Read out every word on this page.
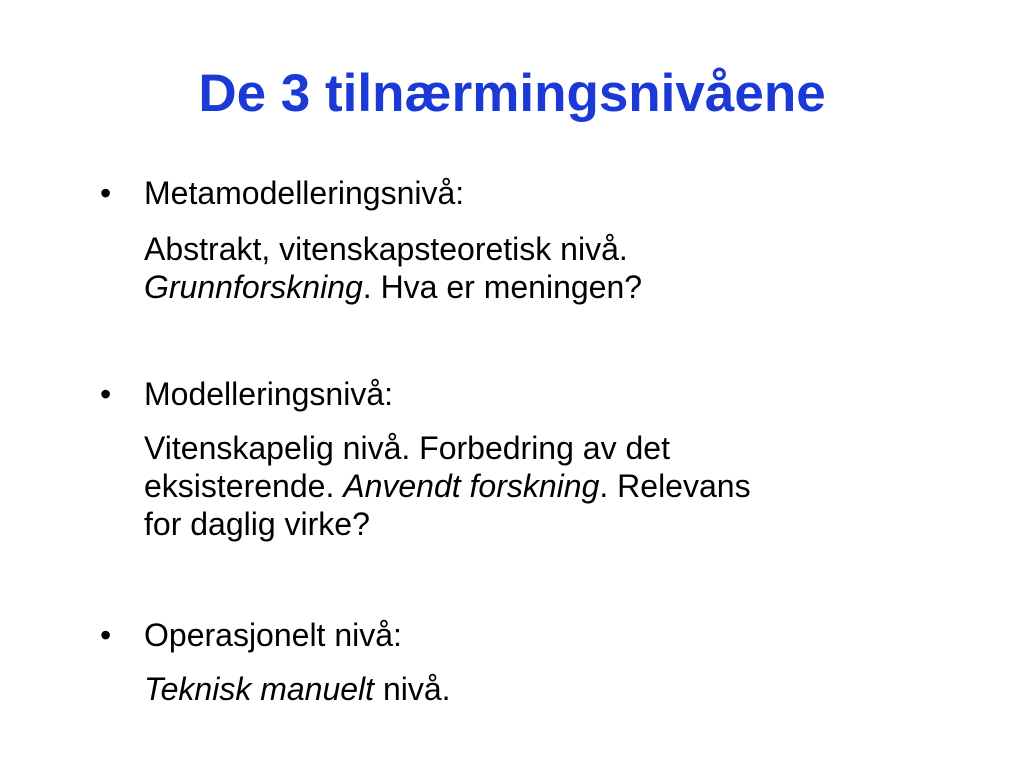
De 3 tilnærmingsnivåene
• Metamodelleringsnivå:
Abstrakt, vitenskapsteoretisk nivå.
Grunnforskning. Hva er meningen?
• Modelleringsnivå:
Vitenskapelig nivå. Forbedring av det
eksisterende. Anvendt forskning. Relevans
for daglig virke?
• Operasjonelt nivå:
Teknisk manuelt nivå.
